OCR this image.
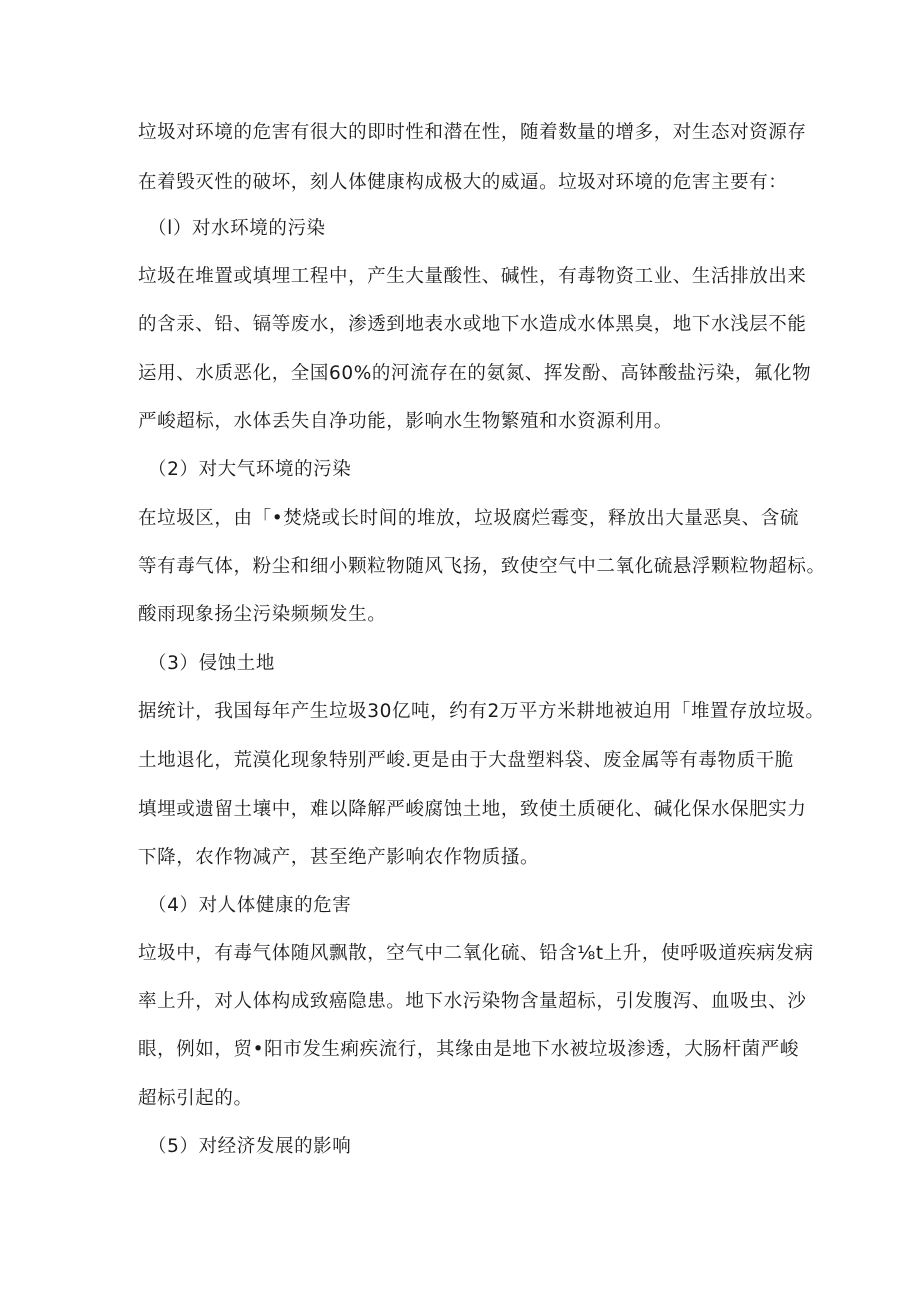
垃圾对环境的危害有很大的即时性和潜在性，随着数量的增多，对生态对资源存
在着毁灭性的破坏，刻人体健康构成极大的威逼。垃圾对环境的危害主要有：
（l）对水环境的污染
垃圾在堆置或填埋工程中，产生大量酸性、碱性，有毒物资工业、生活排放出来
的含汞、铅、镉等废水，渗透到地表水或地下水造成水体黑臭，地下水浅层不能
运用、水质恶化，全国60%的河流存在的氨氮、挥发酚、高钵酸盐污染，氟化物
严峻超标，水体丢失自净功能，影响水生物繁殖和水资源利用。
（2）对大气环境的污染
在垃圾区，由「•焚烧或长时间的堆放，垃圾腐烂霉变，释放出大量恶臭、含硫
等有毒气体，粉尘和细小颗粒物随风飞扬，致使空气中二氧化硫悬浮颗粒物超标。
酸雨现象扬尘污染频频发生。
（3）侵蚀土地
据统计，我国每年产生垃圾30亿吨，约有2万平方米耕地被迫用「堆置存放垃圾。
土地退化，荒漠化现象特别严峻.更是由于大盘塑料袋、废金属等有毒物质干脆
填埋或遗留土壤中，难以降解严峻腐蚀土地，致使土质硬化、碱化保水保肥实力
下降，农作物减产，甚至绝产影响农作物质搔。
（4）对人体健康的危害
垃圾中，有毒气体随风飘散，空气中二氧化硫、铅含⅛t上升，使呼吸道疾病发病
率上升，对人体构成致癌隐患。地下水污染物含量超标，引发腹泻、血吸虫、沙
眼，例如，贸•阳市发生痢疾流行，其缘由是地下水被垃圾渗透，大肠杆菌严峻
超标引起的。
（5）对经济发展的影响
